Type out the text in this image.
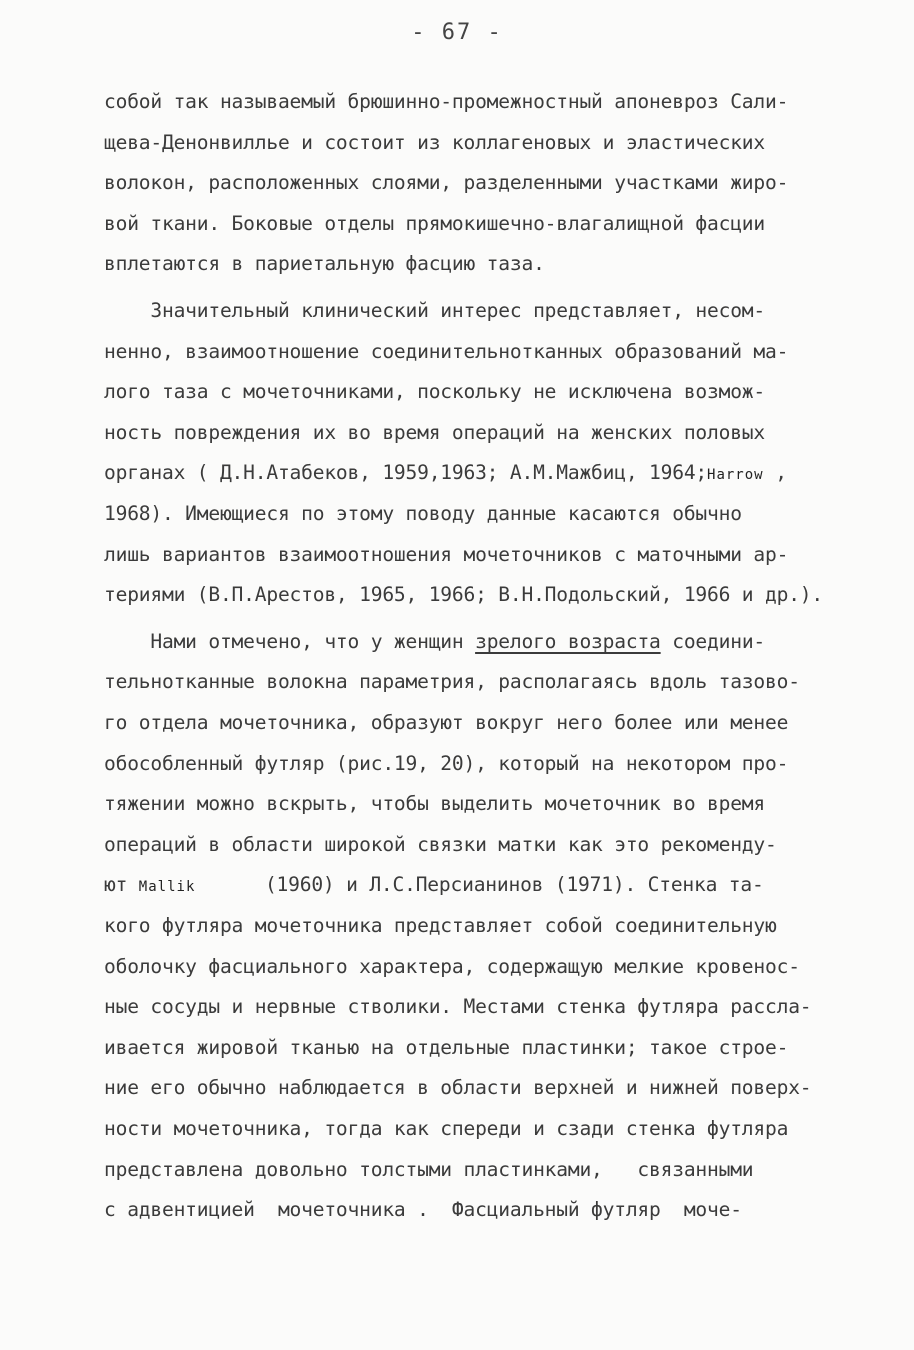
- 67 -
собой так называемый брюшинно-промежностный апоневроз Сали-
щева-Денонвилльe и состоит из коллагеновых и эластических
волокон, расположенных слоями, разделенными участками жиро-
вой ткани. Боковые отделы прямокишечно-влагалищной фасции
вплетаются в париетальную фасцию таза.
Значительный клинический интерес представляет, несом-
ненно, взаимоотношение соединительнотканных образований ма-
лого таза с мочеточниками, поскольку не исключена возмож-
ность повреждения их во время операций на женских половых
органах ( Д.Н.Атабеков, 1959,1963; А.М.Мажбиц, 1964;Harrow ,
1968). Имеющиеся по этому поводу данные касаются обычно
лишь вариантов взаимоотношения мочеточников с маточными ар-
териями (В.П.Арестов, 1965, 1966; В.Н.Подольский, 1966 и др.).
Нами отмечено, что у женщин зрелого возраста соедини-
тельнотканные волокна параметрия, располагаясь вдоль тазово-
го отдела мочеточника, образуют вокруг него более или менее
обособленный футляр (рис.19, 20), который на некотором про-
тяжении можно вскрыть, чтобы выделить мочеточник во время
операций в области широкой связки матки как это рекоменду-
ют Mallik      (1960) и Л.С.Персианинов (1971). Стенка та-
кого футляра мочеточника представляет собой соединительную
оболочку фасциального характера, содержащую мелкие кровенос-
ные сосуды и нервные стволики. Местами стенка футляра рассла-
ивается жировой тканью на отдельные пластинки; такое строе-
ние его обычно наблюдается в области верхней и нижней поверх-
ности мочеточника, тогда как спереди и сзади стенка футляра
представлена довольно толстыми пластинками,   связанными
с адвентицией  мочеточника .  Фасциальный футляр  моче-
